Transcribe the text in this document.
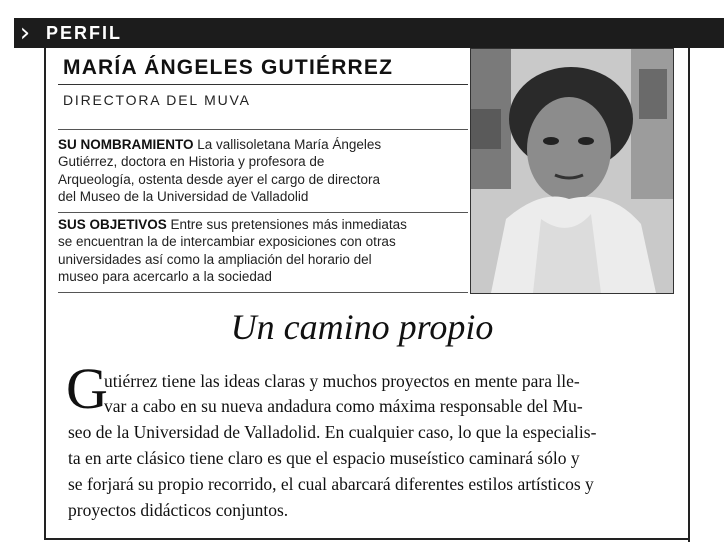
› PERFIL
MARÍA ÁNGELES GUTIÉRREZ
DIRECTORA DEL MUVA
SU NOMBRAMIENTO La vallisoletana María Ángeles
Gutiérrez, doctora en Historia y profesora de
Arqueología, ostenta desde ayer el cargo de directora
del Museo de la Universidad de Valladolid
SUS OBJETIVOS Entre sus pretensiones más inmediatas
se encuentran la de intercambiar exposiciones con otras
universidades así como la ampliación del horario del
museo para acercarlo a la sociedad
Un camino propio
G
utiérrez tiene las ideas claras y muchos proyectos en mente para lle-
var a cabo en su nueva andadura como máxima responsable del Mu-
seo de la Universidad de Valladolid. En cualquier caso, lo que la especialis-
ta en arte clásico tiene claro es que el espacio museístico caminará sólo y
se forjará su propio recorrido, el cual abarcará diferentes estilos artísticos y
proyectos didácticos conjuntos.
